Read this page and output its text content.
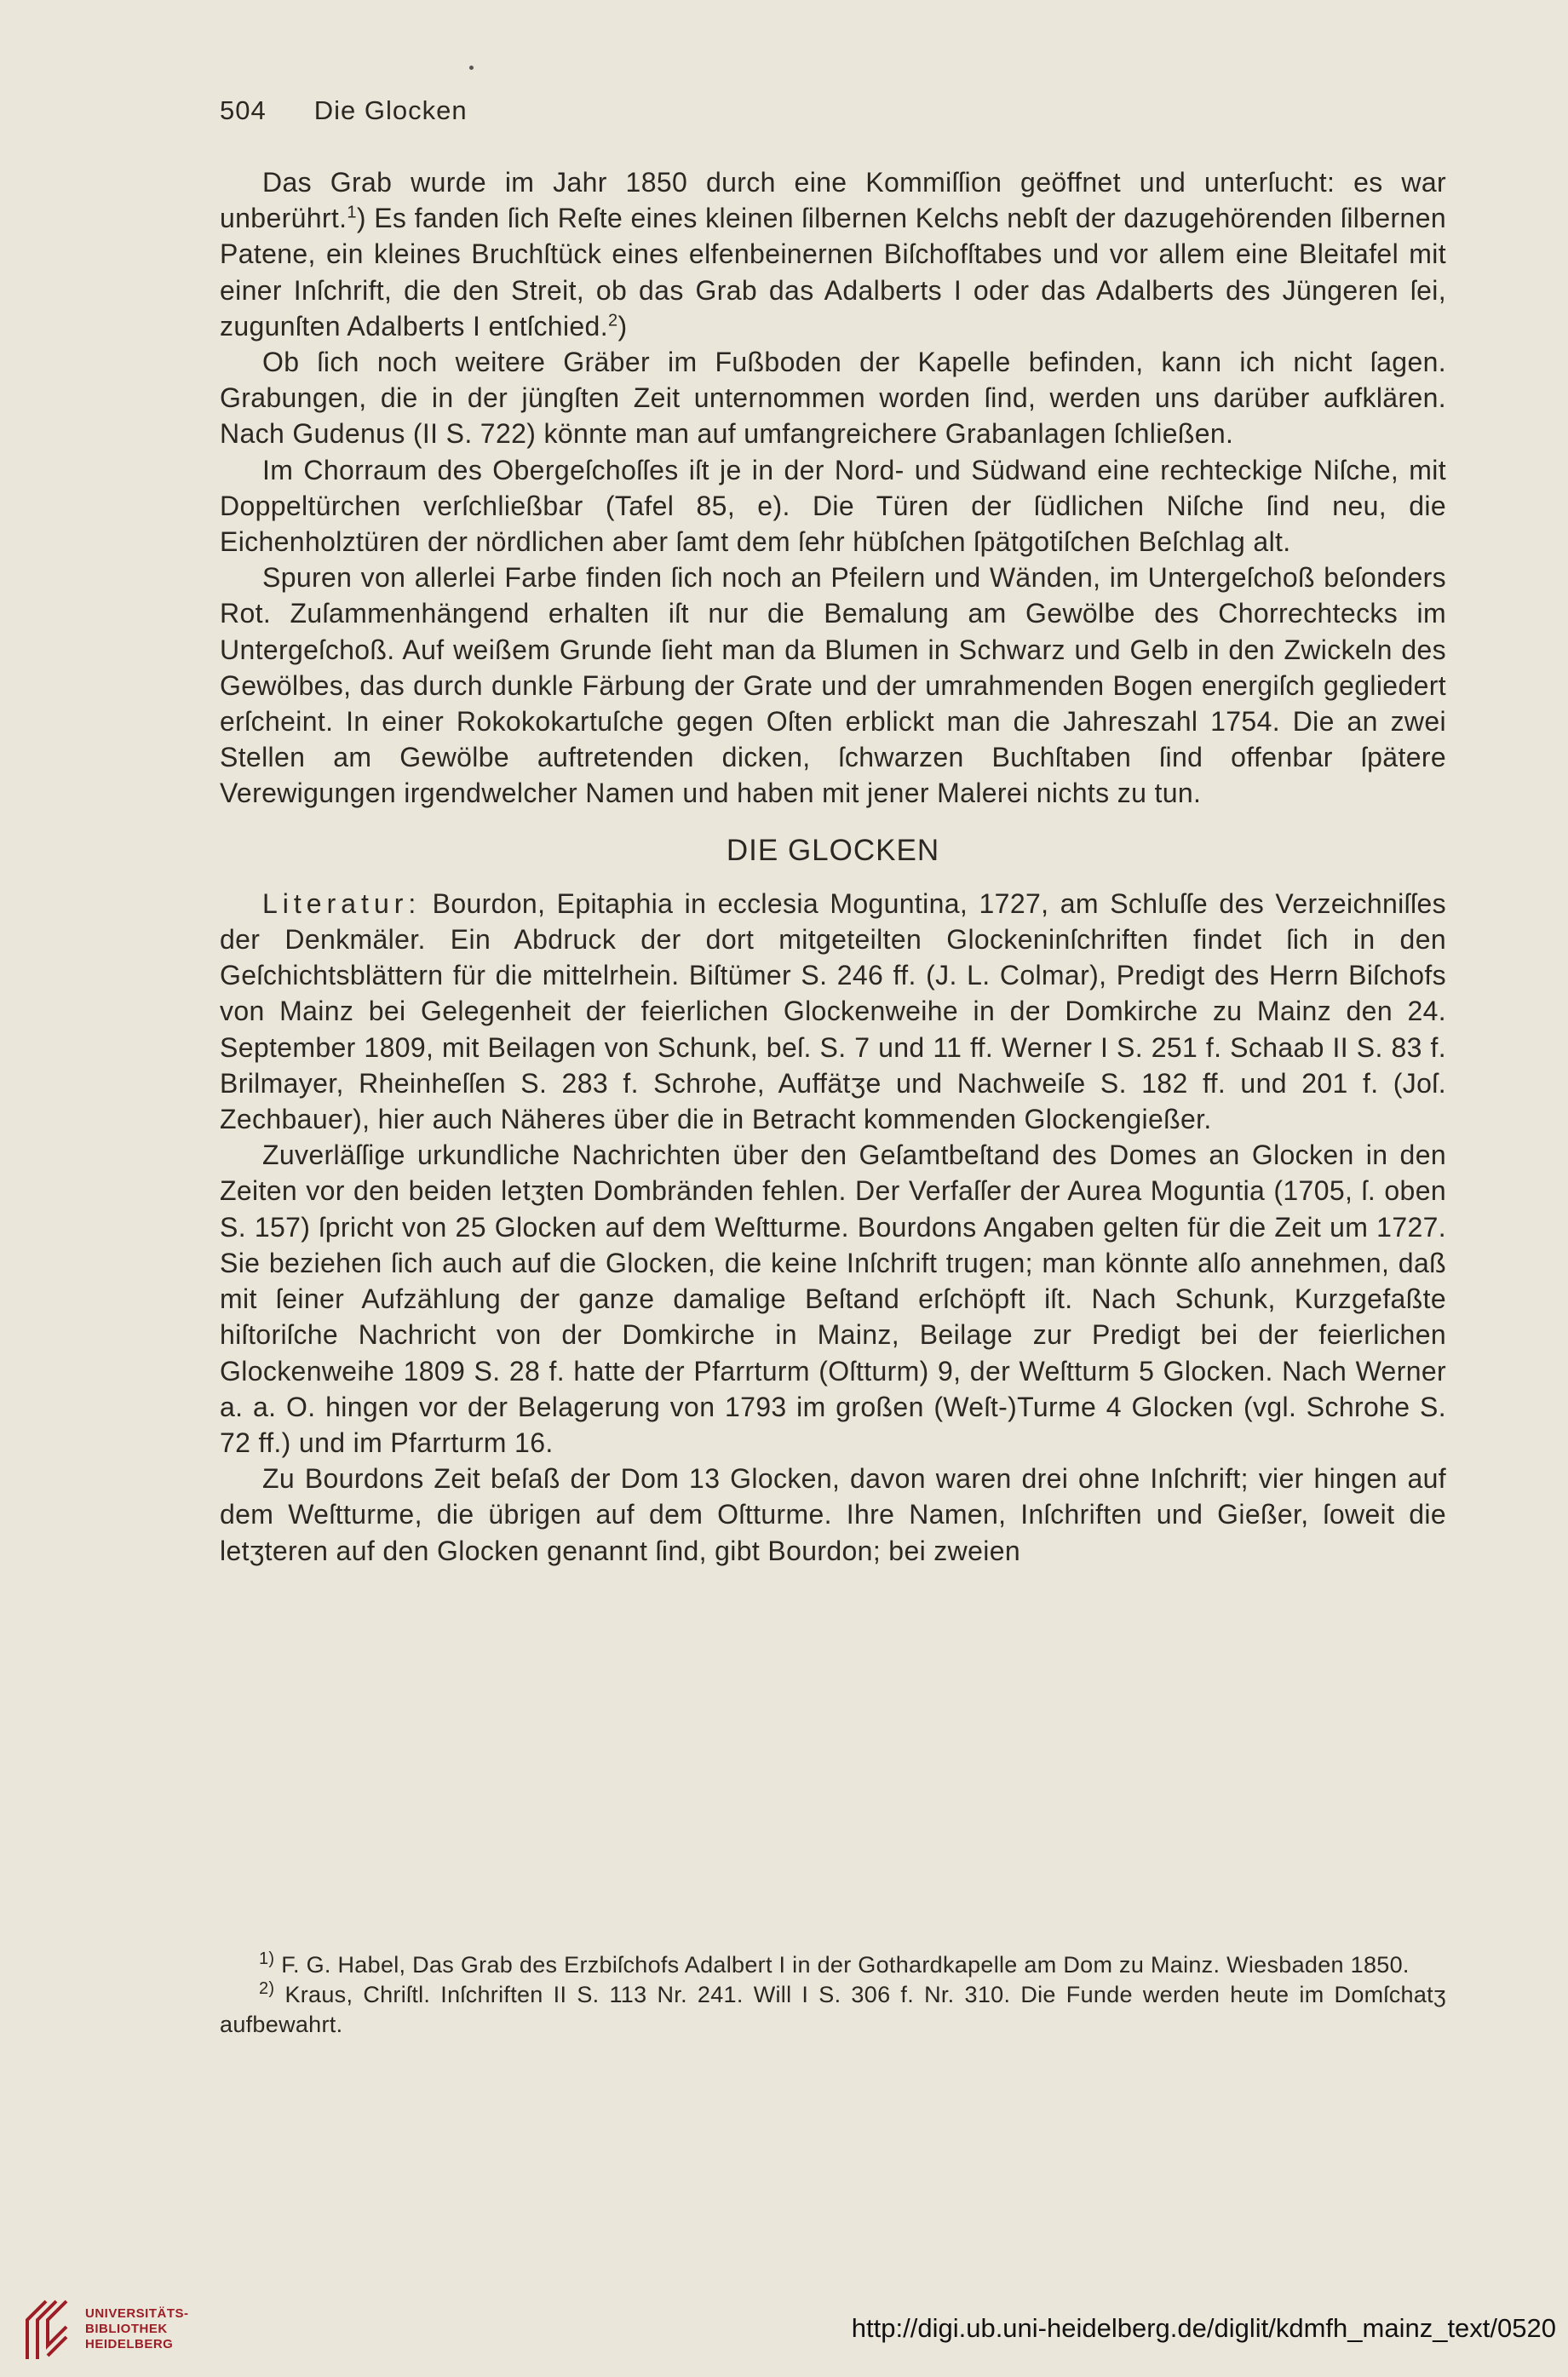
504 Die Glocken

Das Grab wurde im Jahr 1850 durch eine Kommiſſion geöffnet und unterſucht: es war unberührt.$^1$) Es fanden ſich Reſte eines kleinen ſilbernen Kelchs nebſt der dazugehörenden ſilbernen Patene, ein kleines Bruchſtück eines elfenbeinernen Biſchofſtabes und vor allem eine Bleitafel mit einer Inſchrift, die den Streit, ob das Grab das Adalberts I oder das Adalberts des Jüngeren ſei, zugunſten Adalberts I entſchied.$^2$)

Ob ſich noch weitere Gräber im Fußboden der Kapelle befinden, kann ich nicht ſagen. Grabungen, die in der jüngſten Zeit unternommen worden ſind, werden uns darüber aufklären. Nach Gudenus (II S. 722) könnte man auf umfangreichere Grabanlagen ſchließen.

Im Chorraum des Obergeſchoſſes iſt je in der Nord- und Südwand eine rechteckige Niſche, mit Doppeltürchen verſchließbar (Tafel 85, e). Die Türen der ſüdlichen Niſche ſind neu, die Eichenholztüren der nördlichen aber ſamt dem ſehr hübſchen ſpätgotiſchen Beſchlag alt.

Spuren von allerlei Farbe finden ſich noch an Pfeilern und Wänden, im Untergeſchoß beſonders Rot. Zuſammenhängend erhalten iſt nur die Bemalung am Gewölbe des Chorrechtecks im Untergeſchoß. Auf weißem Grunde ſieht man da Blumen in Schwarz und Gelb in den Zwickeln des Gewölbes, das durch dunkle Färbung der Grate und der umrahmenden Bogen energiſch gegliedert erſcheint. In einer Rokokokartuſche gegen Oſten erblickt man die Jahreszahl 1754. Die an zwei Stellen am Gewölbe auftretenden dicken, ſchwarzen Buchſtaben ſind offenbar ſpätere Verewigungen irgendwelcher Namen und haben mit jener Malerei nichts zu tun.

DIE GLOCKEN

Literatur: Bourdon, Epitaphia in ecclesia Moguntina, 1727, am Schluſſe des Verzeichniſſes der Denkmäler. Ein Abdruck der dort mitgeteilten Glockeninſchriften findet ſich in den Geſchichtsblättern für die mittelrhein. Biſtümer S. 246 ff. (J. L. Colmar), Predigt des Herrn Biſchofs von Mainz bei Gelegenheit der feierlichen Glockenweihe in der Domkirche zu Mainz den 24. September 1809, mit Beilagen von Schunk, beſ. S. 7 und 11 ff. Werner I S. 251 f. Schaab II S. 83 f. Brilmayer, Rheinheſſen S. 283 f. Schrohe, Auffätʒe und Nachweiſe S. 182 ff. und 201 f. (Joſ. Zechbauer), hier auch Näheres über die in Betracht kommenden Glockengießer.

Zuverläſſige urkundliche Nachrichten über den Geſamtbeſtand des Domes an Glocken in den Zeiten vor den beiden letʒten Dombränden fehlen. Der Verfaſſer der Aurea Moguntia (1705, ſ. oben S. 157) ſpricht von 25 Glocken auf dem Weſtturme. Bourdons Angaben gelten für die Zeit um 1727. Sie beziehen ſich auch auf die Glocken, die keine Inſchrift trugen; man könnte alſo annehmen, daß mit ſeiner Aufzählung der ganze damalige Beſtand erſchöpft iſt. Nach Schunk, Kurzgefaßte hiſtoriſche Nachricht von der Domkirche in Mainz, Beilage zur Predigt bei der feierlichen Glockenweihe 1809 S. 28 f. hatte der Pfarrturm (Oſtturm) 9, der Weſtturm 5 Glocken. Nach Werner a. a. O. hingen vor der Belagerung von 1793 im großen (Weſt-)Turme 4 Glocken (vgl. Schrohe S. 72 ff.) und im Pfarrturm 16.

Zu Bourdons Zeit beſaß der Dom 13 Glocken, davon waren drei ohne Inſchrift; vier hingen auf dem Weſtturme, die übrigen auf dem Oſtturme. Ihre Namen, Inſchriften und Gießer, ſoweit die letʒteren auf den Glocken genannt ſind, gibt Bourdon; bei zweien

$^{1)}$ F. G. Habel, Das Grab des Erzbiſchofs Adalbert I in der Gothardkapelle am Dom zu Mainz. Wiesbaden 1850.

$^{2)}$ Kraus, Chriſtl. Inſchriften II S. 113 Nr. 241. Will I S. 306 f. Nr. 310. Die Funde werden heute im Domſchatʒ aufbewahrt.

UNIVERSITÄTS-
BIBLIOTHEK
HEIDELBERG
http://digi.ub.uni-heidelberg.de/diglit/kdmfh_mainz_text/0520
